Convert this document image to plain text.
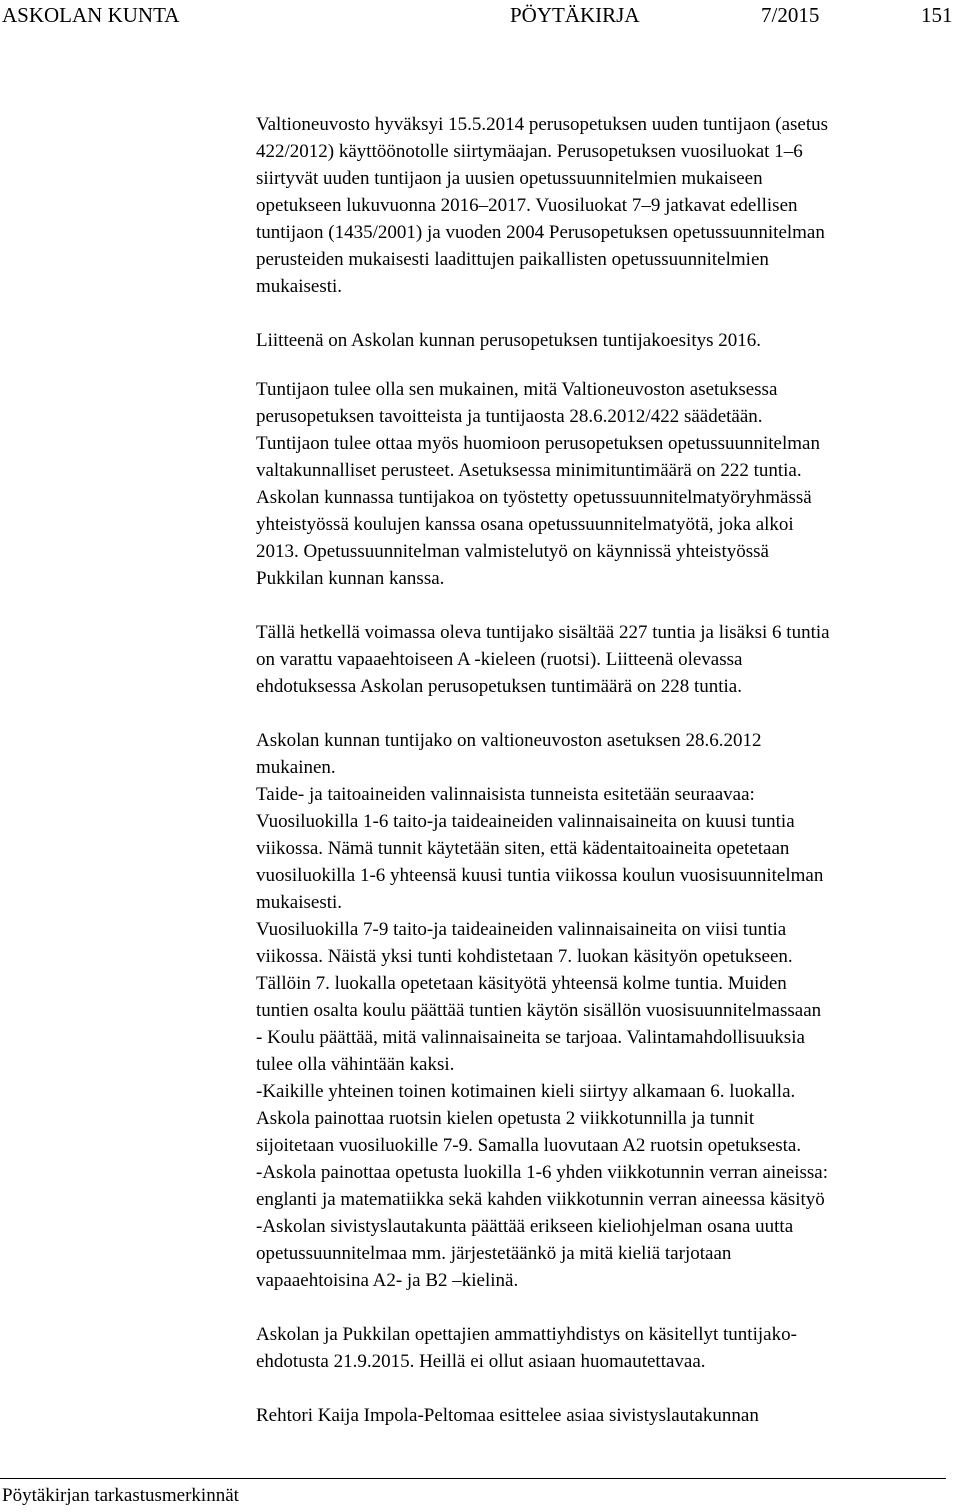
ASKOLAN KUNTA	PÖYTÄKIRJA	7/2015	151
Valtioneuvosto hyväksyi 15.5.2014 perusopetuksen uuden tuntijaon (asetus
422/2012) käyttöönotolle siirtymäajan. Perusopetuksen vuosiluokat 1–6
siirtyvät uuden tuntijaon ja uusien opetussuunnitelmien mukaiseen
opetukseen lukuvuonna 2016–2017. Vuosiluokat 7–9 jatkavat edellisen
tuntijaon (1435/2001) ja vuoden 2004 Perusopetuksen opetussuunnitelman
perusteiden mukaisesti laadittujen paikallisten opetussuunnitelmien
mukaisesti.
Liitteenä on Askolan kunnan perusopetuksen tuntijakoesitys 2016.
Tuntijaon tulee olla sen mukainen, mitä Valtioneuvoston asetuksessa
perusopetuksen tavoitteista ja tuntijaosta 28.6.2012/422 säädetään.
Tuntijaon tulee ottaa myös huomioon perusopetuksen opetussuunnitelman
valtakunnalliset perusteet. Asetuksessa minimituntimäärä on 222 tuntia.
Askolan kunnassa tuntijakoa on työstetty opetussuunnitelmatyöryhmässä
yhteistyössä koulujen kanssa osana opetussuunnitelmatyötä, joka alkoi
2013. Opetussuunnitelman valmistelutyö on käynnissä yhteistyössä
Pukkilan kunnan kanssa.
Tällä hetkellä voimassa oleva tuntijako sisältää 227 tuntia ja lisäksi 6 tuntia
on varattu vapaaehtoiseen A -kieleen (ruotsi). Liitteenä olevassa
ehdotuksessa Askolan perusopetuksen tuntimäärä on 228 tuntia.
Askolan kunnan tuntijako on valtioneuvoston asetuksen 28.6.2012
mukainen.
Taide- ja taitoaineiden valinnaisista tunneista esitetään seuraavaa:
Vuosiluokilla 1-6 taito-ja taideaineiden valinnaisaineita on kuusi tuntia
viikossa. Nämä tunnit käytetään siten, että kädentaitoaineita opetetaan
vuosiluokilla 1-6 yhteensä kuusi tuntia viikossa koulun vuosisuunnitelman
mukaisesti.
Vuosiluokilla 7-9 taito-ja taideaineiden valinnaisaineita on viisi tuntia
viikossa. Näistä yksi tunti kohdistetaan 7. luokan käsityön opetukseen.
Tällöin 7. luokalla opetetaan käsityötä yhteensä kolme tuntia. Muiden
tuntien osalta koulu päättää tuntien käytön sisällön vuosisuunnitelmassaan
- Koulu päättää, mitä valinnaisaineita se tarjoaa. Valintamahdollisuuksia
tulee olla vähintään kaksi.
-Kaikille yhteinen toinen kotimainen kieli siirtyy alkamaan 6. luokalla.
Askola painottaa ruotsin kielen opetusta 2 viikkotunnilla ja tunnit
sijoitetaan vuosiluokille 7-9. Samalla luovutaan A2 ruotsin opetuksesta.
-Askola painottaa opetusta luokilla 1-6 yhden viikkotunnin verran aineissa:
englanti ja matematiikka sekä kahden viikkotunnin verran aineessa käsityö
-Askolan sivistyslautakunta päättää erikseen kieliohjelman osana uutta
opetussuunnitelmaa mm. järjestetäänkö ja mitä kieliä tarjotaan
vapaaehtoisina A2- ja B2 –kielinä.
Askolan ja Pukkilan opettajien ammattiyhdistys on käsitellyt tuntijako-
ehdotusta 21.9.2015. Heillä ei ollut asiaan huomautettavaa.
Rehtori Kaija Impola-Peltomaa esittelee asiaa sivistyslautakunnan
Pöytäkirjan tarkastusmerkinnät
